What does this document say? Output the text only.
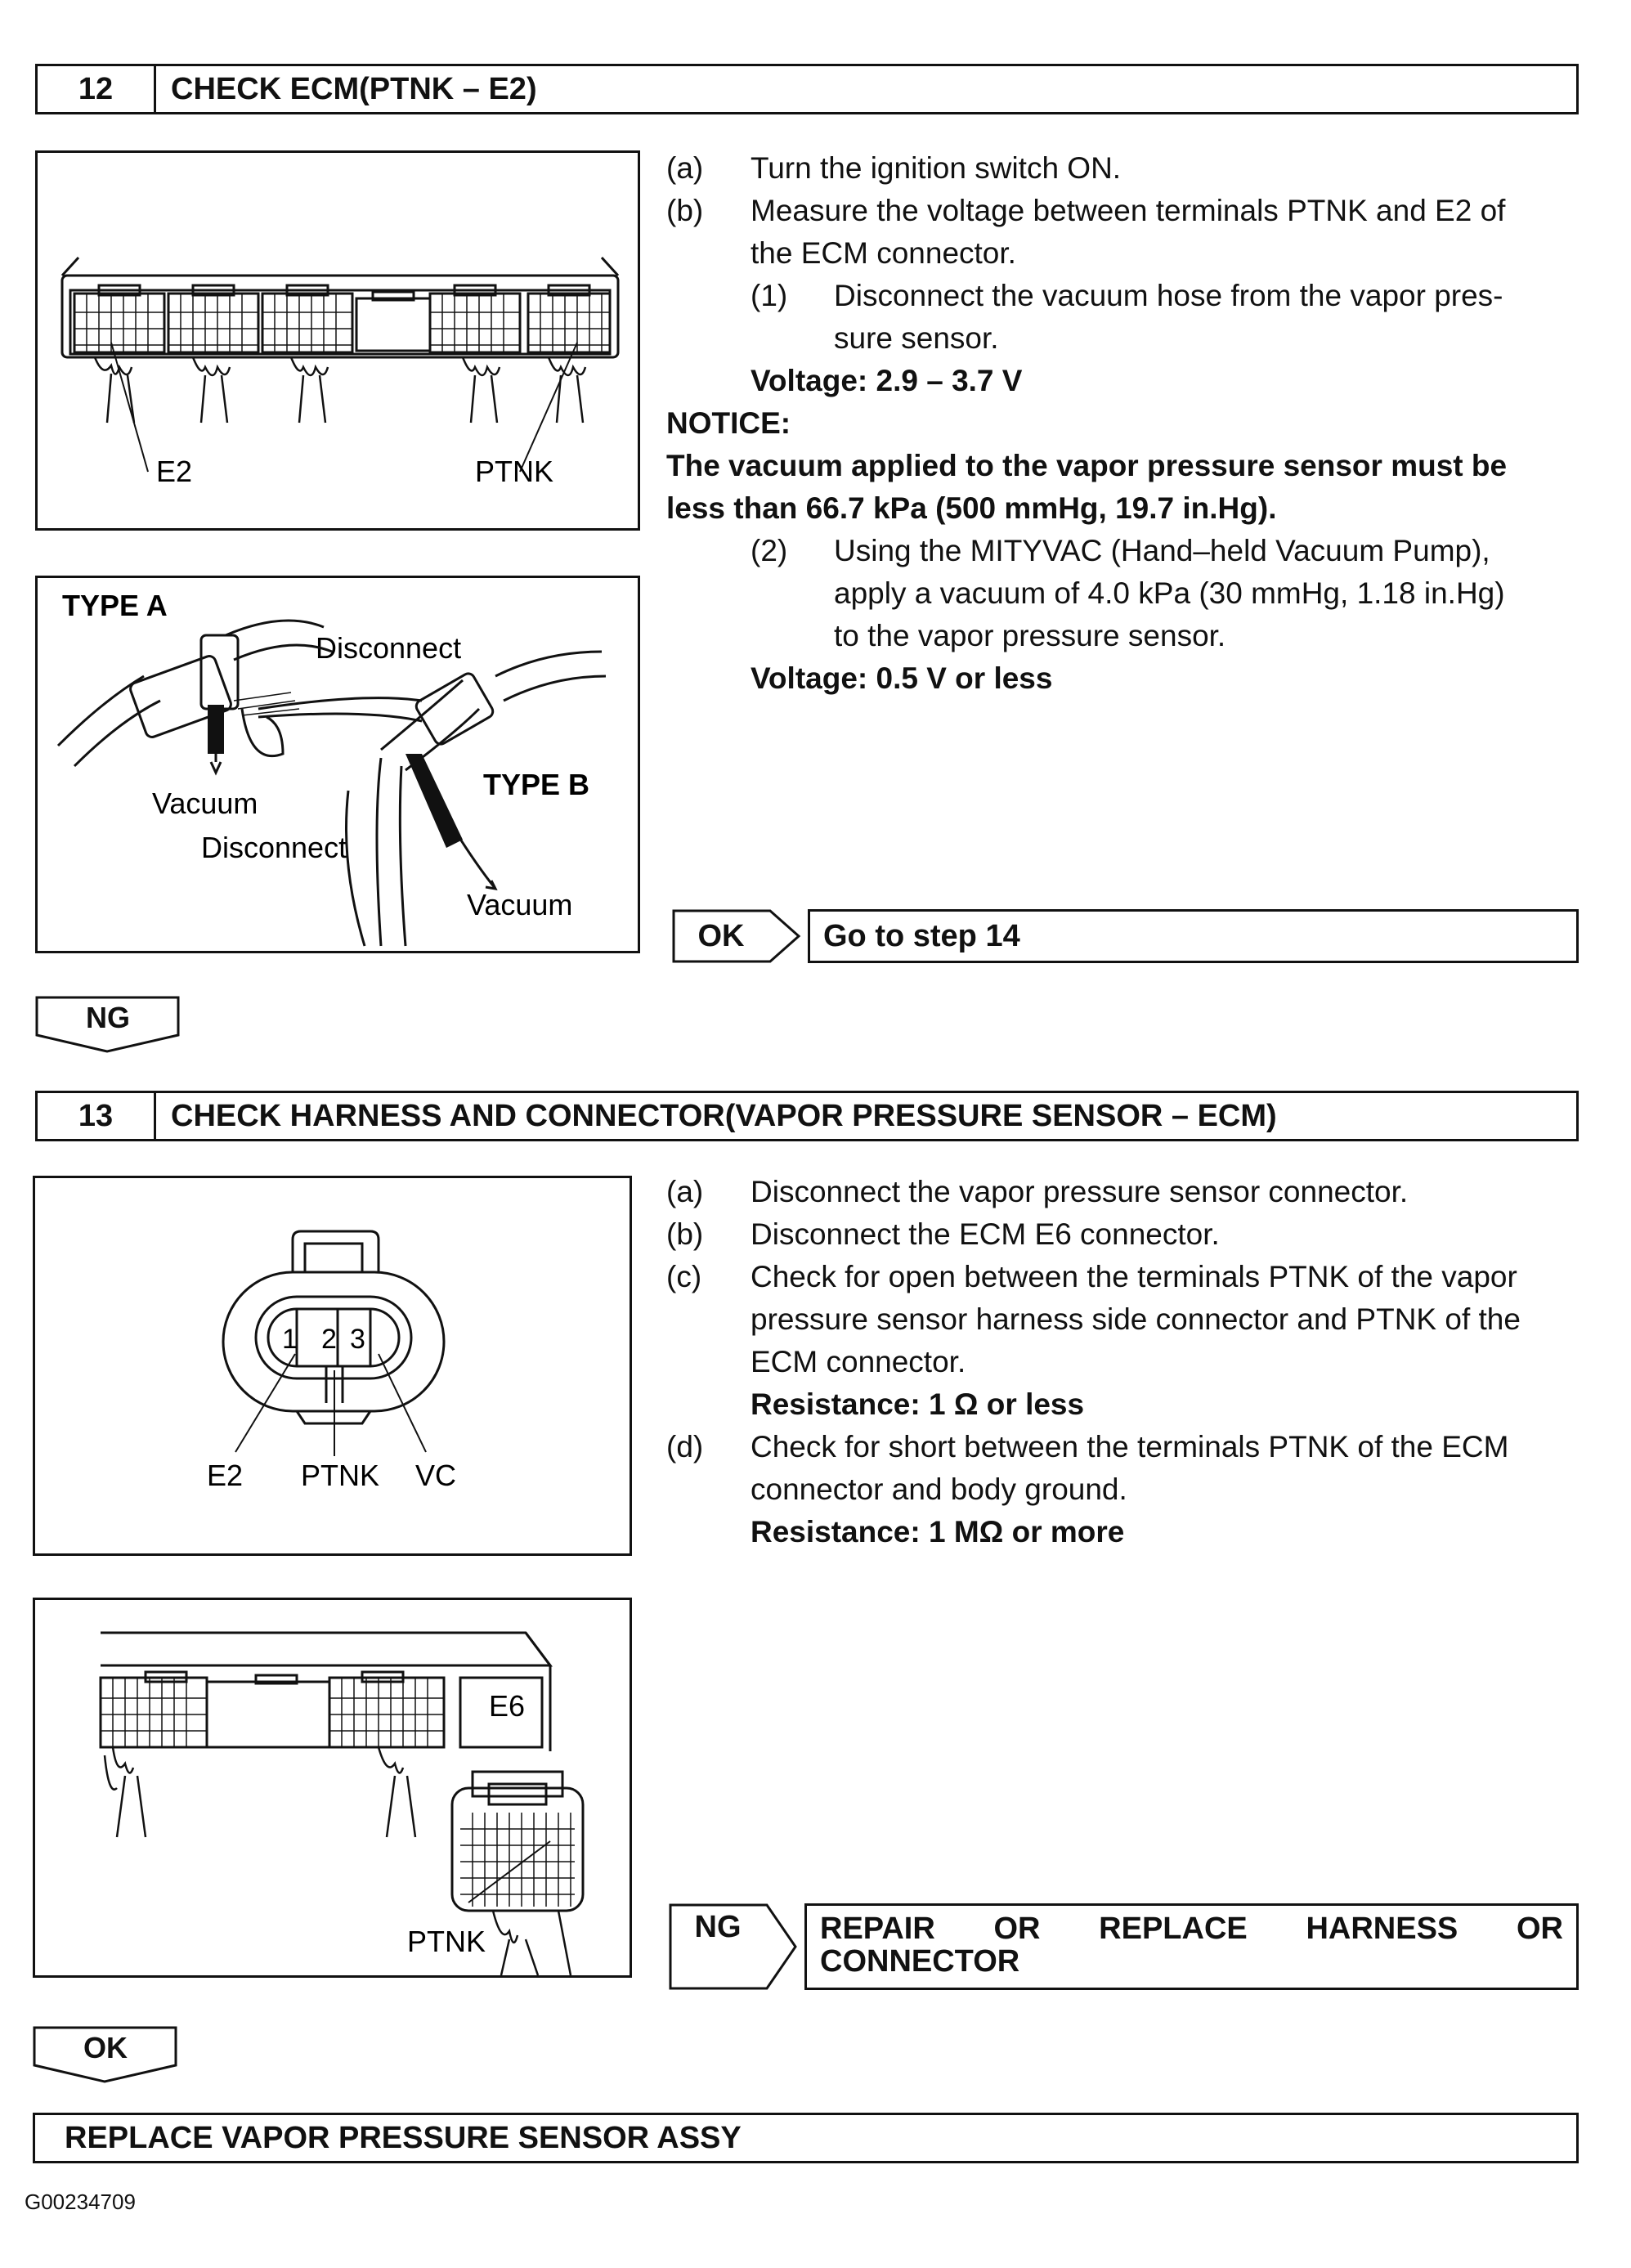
12	CHECK ECM(PTNK – E2)
E2	PTNK
TYPE A
Disconnect
Vacuum
TYPE B
Disconnect
Vacuum
(a)	Turn the ignition switch ON.
(b)	Measure the voltage between terminals PTNK and E2 of
the ECM connector.
(1)	Disconnect the vacuum hose from the vapor pres-
sure sensor.
Voltage: 2.9 – 3.7 V
NOTICE:
The vacuum applied to the vapor pressure sensor must be
less than 66.7 kPa (500 mmHg, 19.7 in.Hg).
(2)	Using the MITYVAC (Hand–held Vacuum Pump),
apply a vacuum of 4.0 kPa (30 mmHg, 1.18 in.Hg)
to the vapor pressure sensor.
Voltage: 0.5 V or less
OK	Go to step 14
NG
13	CHECK HARNESS AND CONNECTOR(VAPOR PRESSURE SENSOR – ECM)
1 2 3
E2 PTNK VC
E6
PTNK
(a)	Disconnect the vapor pressure sensor connector.
(b)	Disconnect the ECM E6 connector.
(c)	Check for open between the terminals PTNK of the vapor
pressure sensor harness side connector and PTNK of the
ECM connector.
Resistance: 1 Ω or less
(d)	Check for short between the terminals PTNK of the ECM
connector and body ground.
Resistance: 1 MΩ or more
NG	REPAIR OR REPLACE HARNESS OR
CONNECTOR
OK
REPLACE VAPOR PRESSURE SENSOR ASSY
G00234709
